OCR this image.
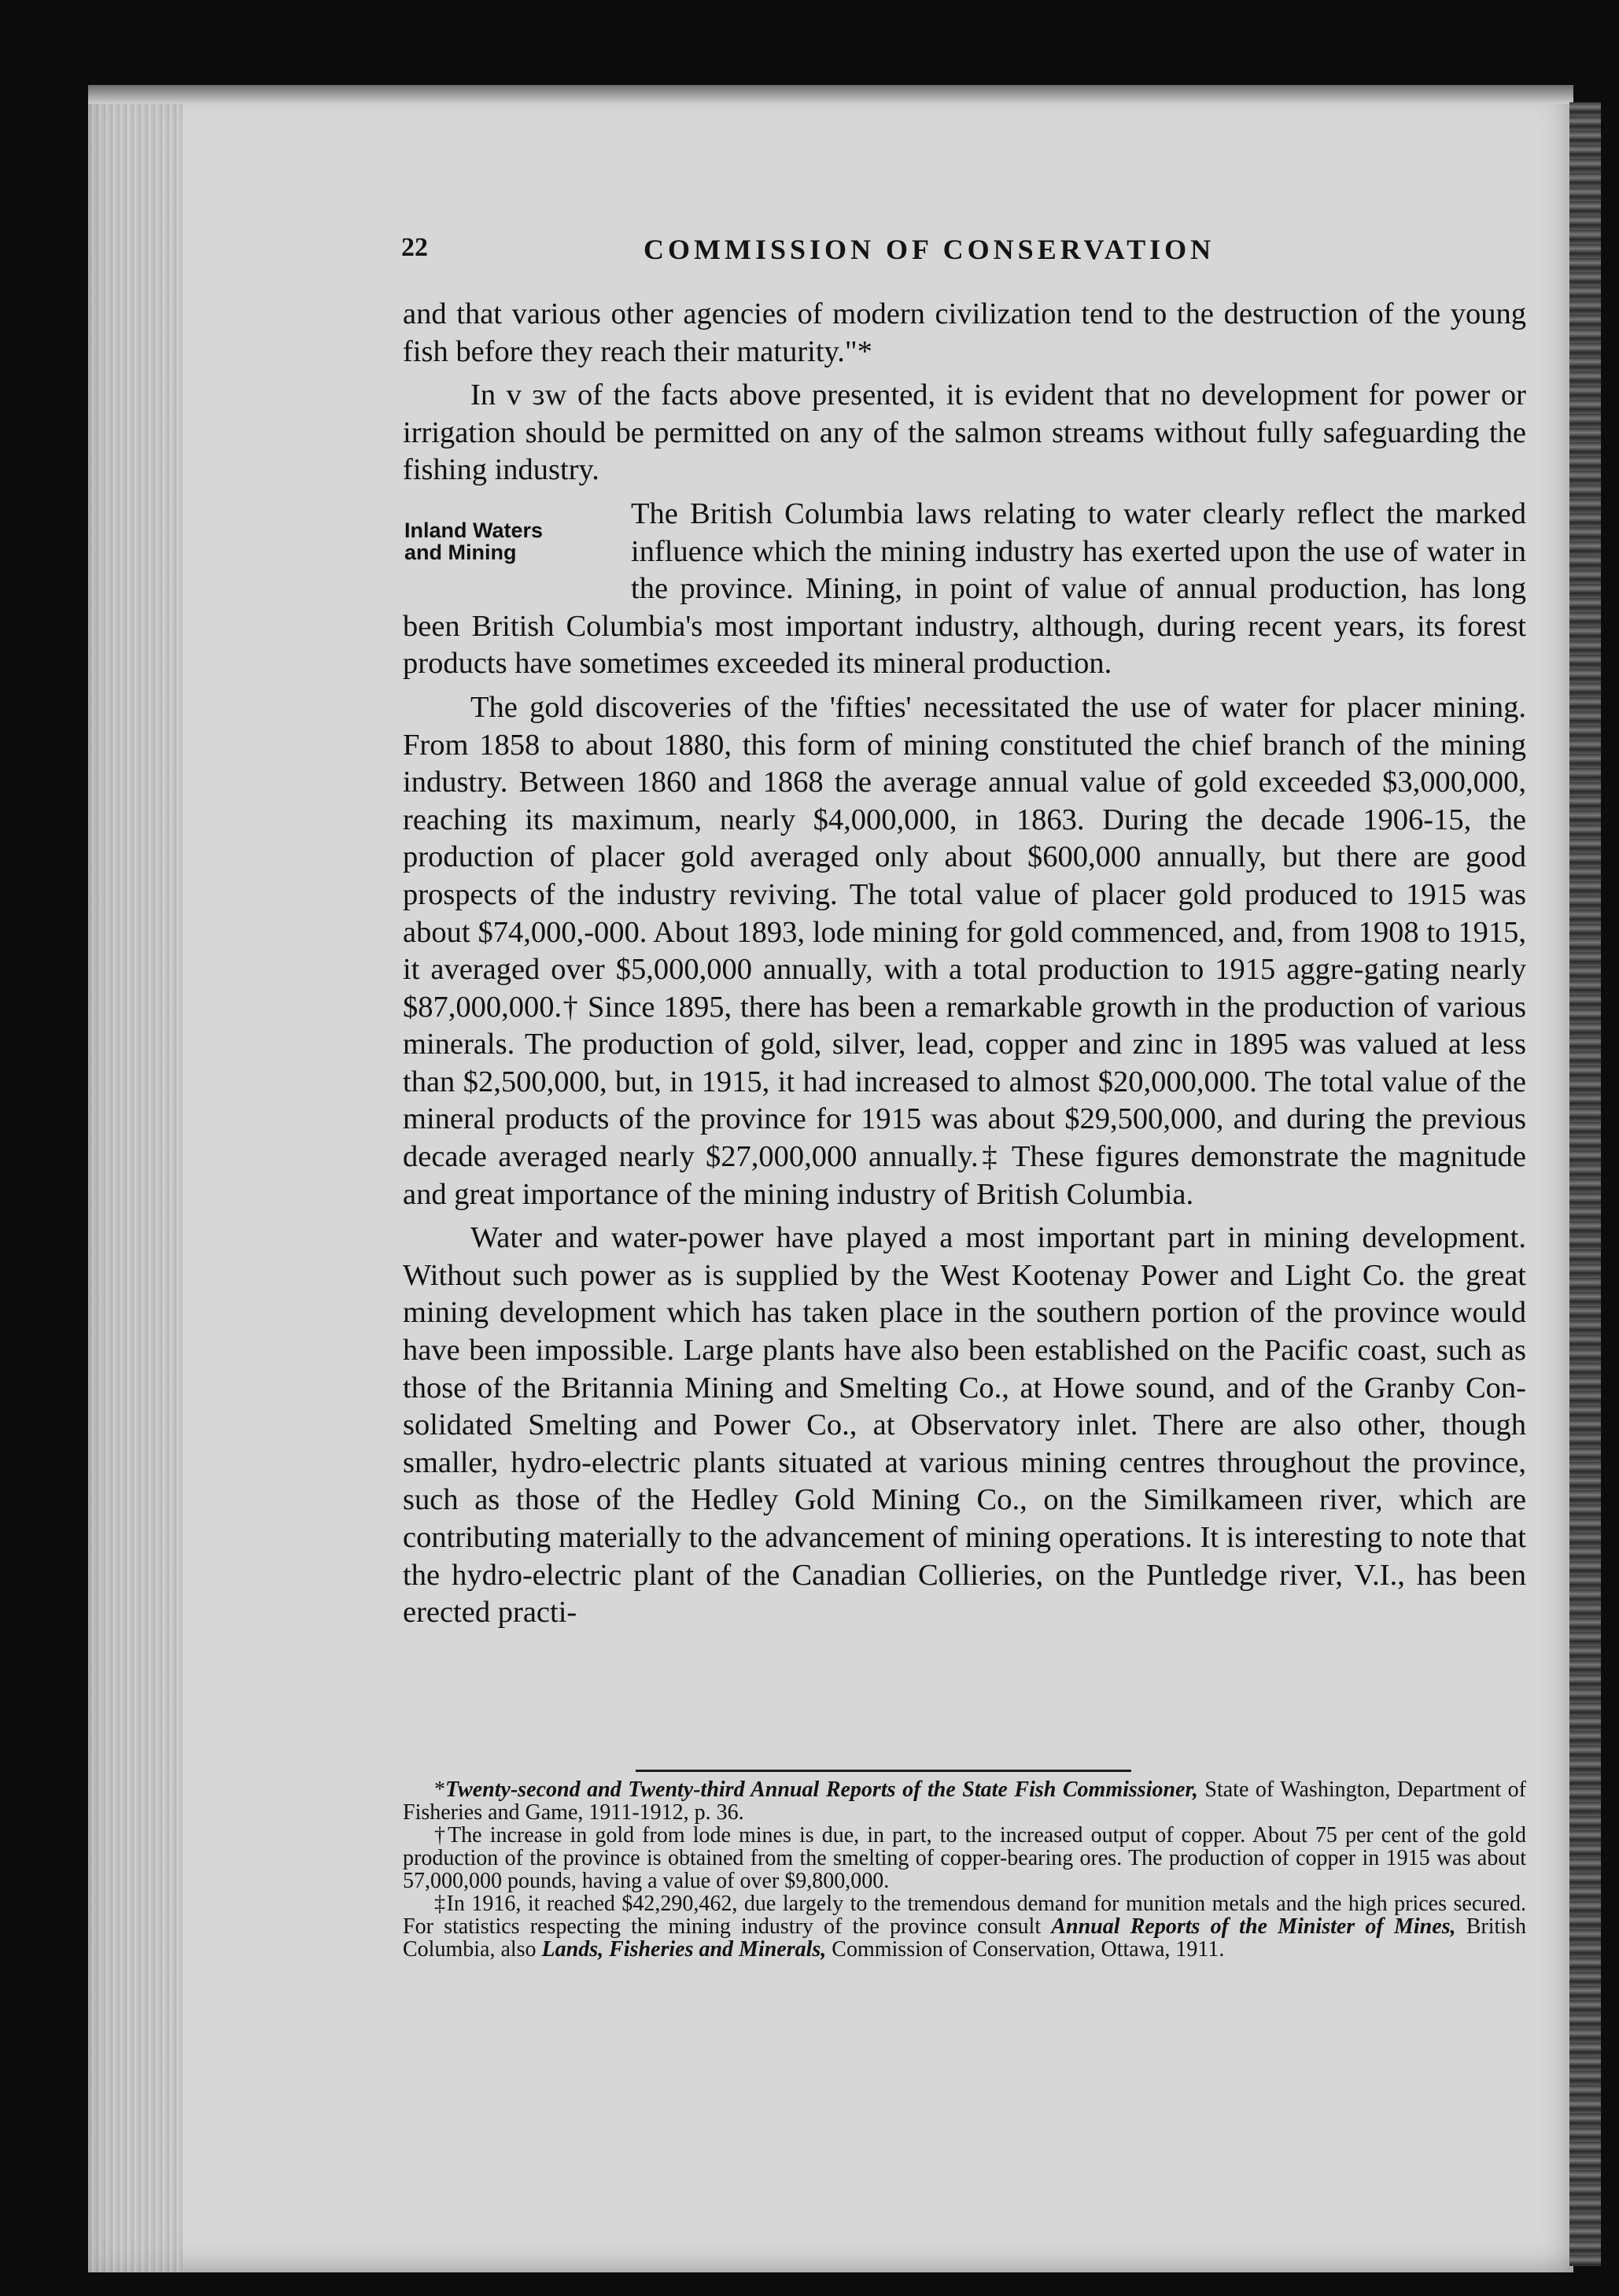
22	COMMISSION OF CONSERVATION
Inland Waters
and Mining

and that various other agencies of modern civilization tend to the destruction of the young fish before they reach their maturity."*

In v ɜw of the facts above presented, it is evident that no development for power or irrigation should be permitted on any of the salmon streams without fully safeguarding the fishing industry.

The British Columbia laws relating to water clearly reflect the marked influence which the mining industry has exerted upon the use of water in the province. Mining, in point of value of annual production, has long been British Columbia's most important industry, although, during recent years, its forest products have sometimes exceeded its mineral production.

The gold discoveries of the 'fifties' necessitated the use of water for placer mining. From 1858 to about 1880, this form of mining constituted the chief branch of the mining industry. Between 1860 and 1868 the average annual value of gold exceeded $3,000,000, reaching its maximum, nearly $4,000,000, in 1863. During the decade 1906-15, the production of placer gold averaged only about $600,000 annually, but there are good prospects of the industry reviving. The total value of placer gold produced to 1915 was about $74,000,-000. About 1893, lode mining for gold commenced, and, from 1908 to 1915, it averaged over $5,000,000 annually, with a total production to 1915 aggre-gating nearly $87,000,000.† Since 1895, there has been a remarkable growth in the production of various minerals. The production of gold, silver, lead, copper and zinc in 1895 was valued at less than $2,500,000, but, in 1915, it had increased to almost $20,000,000. The total value of the mineral products of the province for 1915 was about $29,500,000, and during the previous decade averaged nearly $27,000,000 annually.‡ These figures demonstrate the magnitude and great importance of the mining industry of British Columbia.

Water and water-power have played a most important part in mining development. Without such power as is supplied by the West Kootenay Power and Light Co. the great mining development which has taken place in the southern portion of the province would have been impossible. Large plants have also been established on the Pacific coast, such as those of the Britannia Mining and Smelting Co., at Howe sound, and of the Granby Con-solidated Smelting and Power Co., at Observatory inlet. There are also other, though smaller, hydro-electric plants situated at various mining centres throughout the province, such as those of the Hedley Gold Mining Co., on the Similkameen river, which are contributing materially to the advancement of mining operations. It is interesting to note that the hydro-electric plant of the Canadian Collieries, on the Puntledge river, V.I., has been erected practi-

*Twenty-second and Twenty-third Annual Reports of the State Fish Commissioner, State of Washington, Department of Fisheries and Game, 1911-1912, p. 36.

†The increase in gold from lode mines is due, in part, to the increased output of copper. About 75 per cent of the gold production of the province is obtained from the smelting of copper-bearing ores. The production of copper in 1915 was about 57,000,000 pounds, having a value of over $9,800,000.

‡In 1916, it reached $42,290,462, due largely to the tremendous demand for munition metals and the high prices secured. For statistics respecting the mining industry of the province consult Annual Reports of the Minister of Mines, British Columbia, also Lands, Fisheries and Minerals, Commission of Conservation, Ottawa, 1911.
